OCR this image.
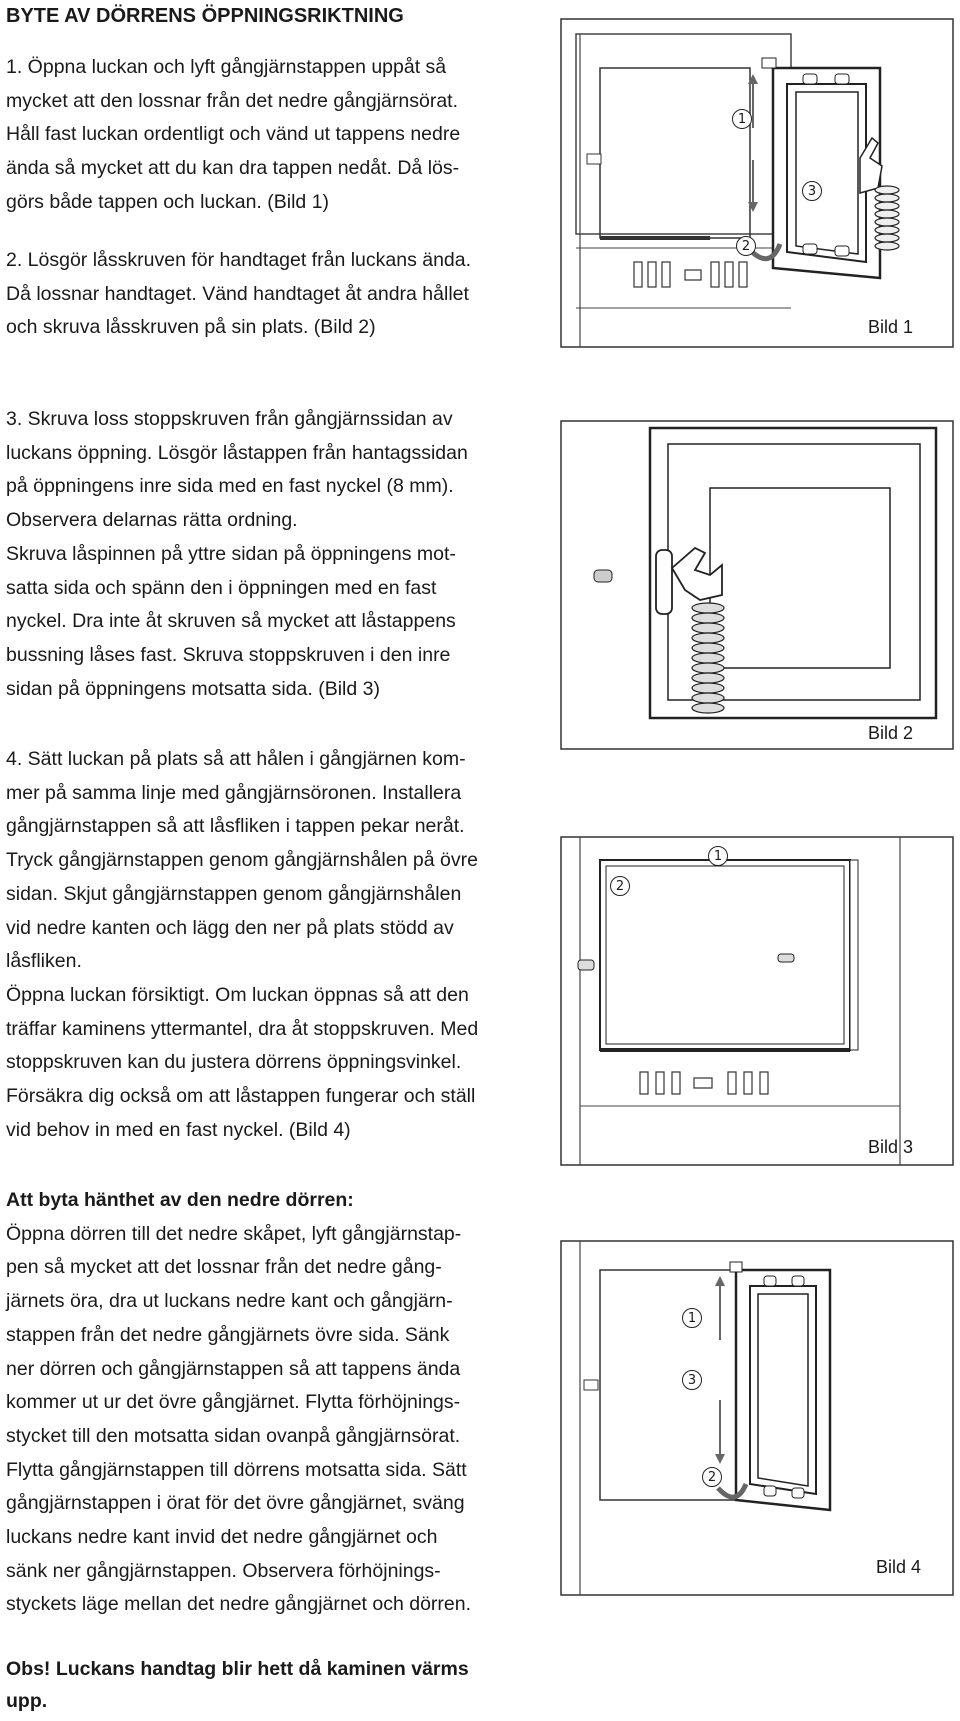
BYTE AV DÖRRENS ÖPPNINGSRIKTNING

1. Öppna luckan och lyft gångjärnstappen uppåt så

mycket att den lossnar från det nedre gångjärnsörat.

Håll fast luckan ordentligt och vänd ut tappens nedre

ända så mycket att du kan dra tappen nedåt. Då lös-

görs både tappen och luckan. (Bild 1)

2. Lösgör låsskruven för handtaget från luckans ända.

Då lossnar handtaget. Vänd handtaget åt andra hållet

och skruva låsskruven på sin plats. (Bild 2)

3. Skruva loss stoppskruven från gångjärnssidan av

luckans öppning. Lösgör låstappen från hantagssidan

på öppningens inre sida med en fast nyckel (8 mm).

Observera delarnas rätta ordning.

Skruva låspinnen på yttre sidan på öppningens mot-

satta sida och spänn den i öppningen med en fast

nyckel. Dra inte åt skruven så mycket att låstappens

bussning låses fast. Skruva stoppskruven i den inre

sidan på öppningens motsatta sida. (Bild 3)

4. Sätt luckan på plats så att hålen i gångjärnen kom-

mer på samma linje med gångjärnsöronen. Installera

gångjärnstappen så att låsfliken i tappen pekar neråt.

Tryck gångjärnstappen genom gångjärnshålen på övre

sidan. Skjut gångjärnstappen genom gångjärnshålen

vid nedre kanten och lägg den ner på plats stödd av

låsfliken.

Öppna luckan försiktigt. Om luckan öppnas så att den

träffar kaminens yttermantel, dra åt stoppskruven. Med

stoppskruven kan du justera dörrens öppningsvinkel.

Försäkra dig också om att låstappen fungerar och ställ

vid behov in med en fast nyckel. (Bild 4)

Att byta hänthet av den nedre dörren:

Öppna dörren till det nedre skåpet, lyft gångjärnstap-

pen så mycket att det lossnar från det nedre gång-

järnets öra, dra ut luckans nedre kant och gångjärn-

stappen från det nedre gångjärnets övre sida. Sänk

ner dörren och gångjärnstappen så att tappens ända

kommer ut ur det övre gångjärnet. Flytta förhöjnings-

stycket till den motsatta sidan ovanpå gångjärnsörat.

Flytta gångjärnstappen till dörrens motsatta sida. Sätt

gångjärnstappen i örat för det övre gångjärnet, sväng

luckans nedre kant invid det nedre gångjärnet och

sänk ner gångjärnstappen. Observera förhöjnings-

styckets läge mellan det nedre gångjärnet och dörren.

Obs! Luckans handtag blir hett då kaminen värms

upp.

1
2
3
Bild 1
Bild 2
1
2
Bild 3
1
2
3
Bild 4
